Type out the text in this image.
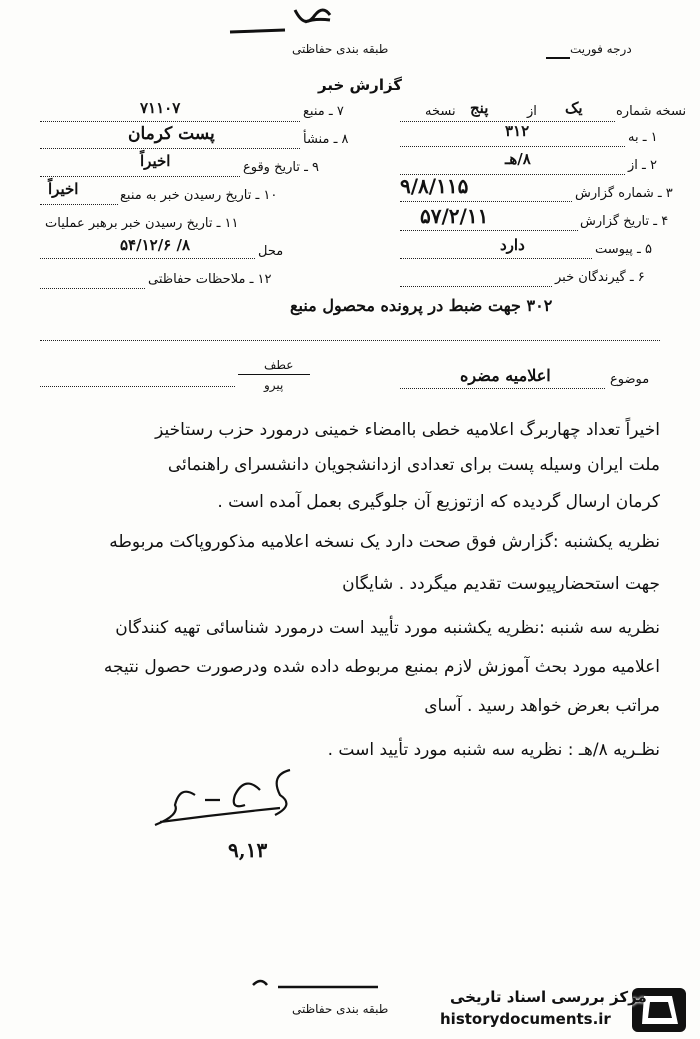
طبقه بندی حفاظتی	درجه فوریت
گزارش خبر
نسخه شماره
یک
از
پنج
نسخه
۱ ـ به
۳۱۲
۲ ـ از
۸/هـ
۳ ـ شماره گزارش
۹/۸/۱۱۵
۴ ـ تاریخ گزارش
۵۷/۲/۱۱
۵ ـ پیوست
دارد
۶ ـ گیرندگان خبر
۷ ـ منبع
۷۱۱۰۷
۸ ـ منشأ
پست کرمان
۹ ـ تاریخ وقوع
اخیراً
۱۰ ـ تاریخ رسیدن خبر به منبع
اخیراً
۱۱ ـ تاریخ رسیدن خبر برهبر عملیات
محل
۸/ ۵۴/۱۲/۶
۱۲ ـ ملاحظات حفاظتی
۳۰۲ جهت ضبط در پرونده محصول منبع
موضوع
اعلامیه مضره
عطف
پیرو
اخیراً تعداد چهاربرگ اعلامیه خطی باامضاء خمینی درمورد حزب رستاخیز
ملت ایران وسیله پست برای تعدادی ازدانشجویان دانشسرای راهنمائی
کرمان ارسال گردیده که ازتوزیع آن جلوگیری بعمل آمده است .
نظریه یکشنبه :گزارش فوق صحت دارد یک نسخه اعلامیه مذکوروپاکت مربوطه
جهت استحضارپیوست تقدیم میگردد . شایگان
نظریه سه شنبه :نظریه یکشنبه مورد تأیید است درمورد شناسائی تهیه کنندگان
اعلامیه مورد بحث آموزش لازم بمنبع مربوطه داده شده ودرصورت حصول نتیجه
مراتب بعرض خواهد رسید . آسای
نظـریه ۸/هـ : نظریه سه شنبه مورد تأیید است .
۹,۱۳
طبقه بندی حفاظتی
مرکز بررسی اسناد تاریخی
historydocuments.ir
